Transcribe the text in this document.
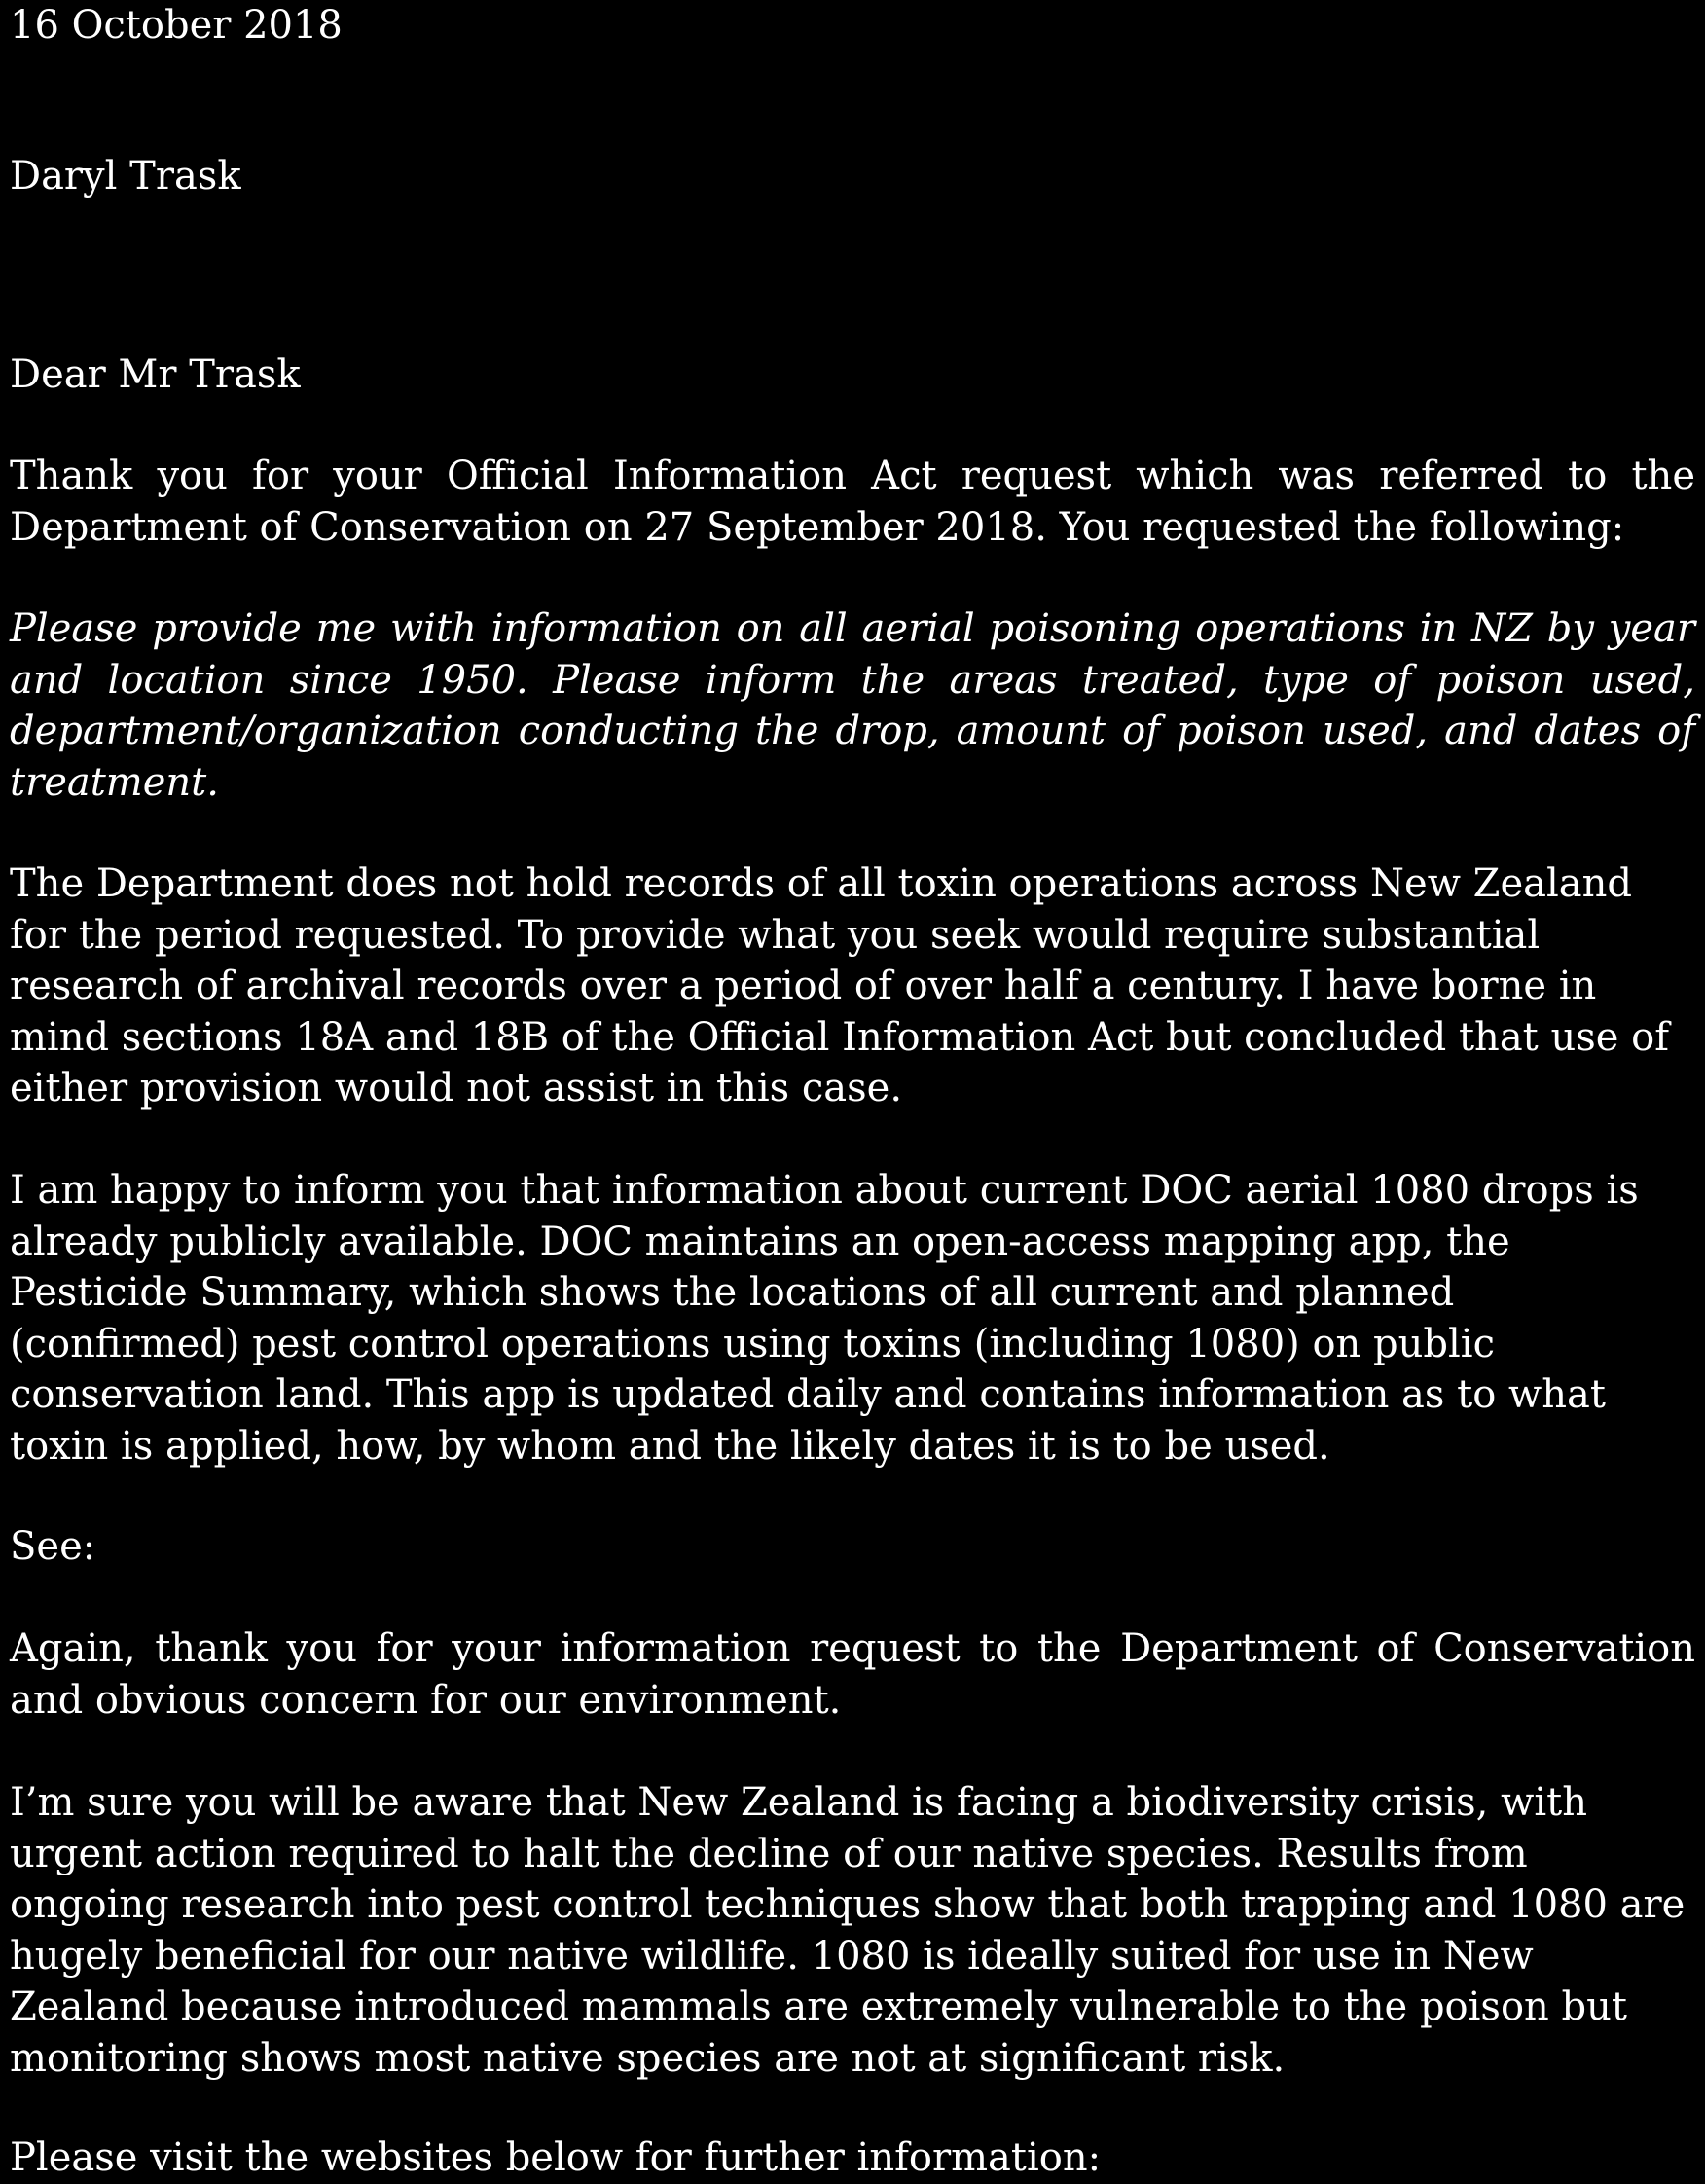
16 October 2018

Daryl Trask

Dear Mr Trask

Thank you for your Official Information Act request which was referred to the Department of Conservation on 27 September 2018. You requested the following:

Please provide me with information on all aerial poisoning operations in NZ by year and location since 1950. Please inform the areas treated, type of poison used, department/organization conducting the drop, amount of poison used, and dates of treatment.

The Department does not hold records of all toxin operations across New Zealand for the period requested. To provide what you seek would require substantial research of archival records over a period of over half a century. I have borne in mind sections 18A and 18B of the Official Information Act but concluded that use of either provision would not assist in this case.

I am happy to inform you that information about current DOC aerial 1080 drops is already publicly available. DOC maintains an open-access mapping app, the Pesticide Summary, which shows the locations of all current and planned (confirmed) pest control operations using toxins (including 1080) on public conservation land. This app is updated daily and contains information as to what toxin is applied, how, by whom and the likely dates it is to be used.

See:

Again, thank you for your information request to the Department of Conservation and obvious concern for our environment.

I’m sure you will be aware that New Zealand is facing a biodiversity crisis, with urgent action required to halt the decline of our native species. Results from ongoing research into pest control techniques show that both trapping and 1080 are hugely beneficial for our native wildlife. 1080 is ideally suited for use in New Zealand because introduced mammals are extremely vulnerable to the poison but monitoring shows most native species are not at significant risk.

Please visit the websites below for further information:
